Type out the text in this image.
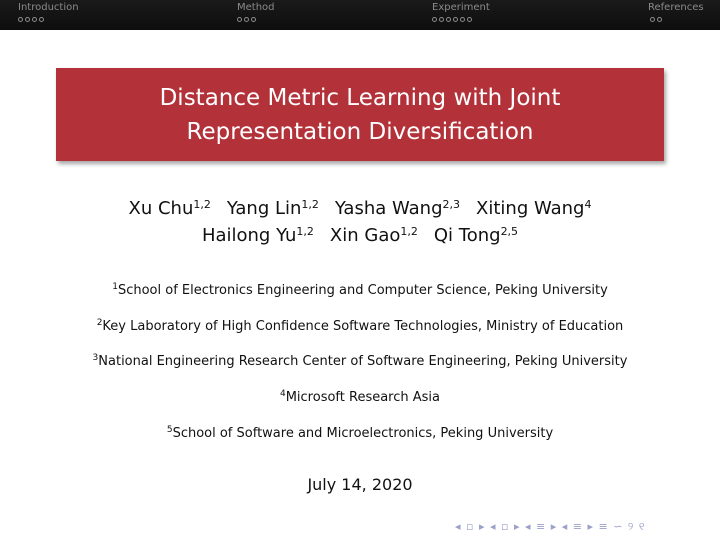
Introduction	Method	Experiment	References
Distance Metric Learning with Joint
Representation Diversification
Xu Chu$^{1,2}$ Yang Lin$^{1,2}$ Yasha Wang$^{2,3}$ Xiting Wang$^4$
Hailong Yu$^{1,2}$ Xin Gao$^{1,2}$ Qi Tong$^{2,5}$
$^1$School of Electronics Engineering and Computer Science, Peking University
$^2$Key Laboratory of High Confidence Software Technologies, Ministry of Education
$^3$National Engineering Research Center of Software Engineering, Peking University
$^4$Microsoft Research Asia
$^5$School of Software and Microelectronics, Peking University
July 14, 2020
◂ ▫ ▸ ◂ ▫ ▸ ◂ ≡ ▸ ◂ ≡ ▸ ≡ ∽ ୨ ୧
